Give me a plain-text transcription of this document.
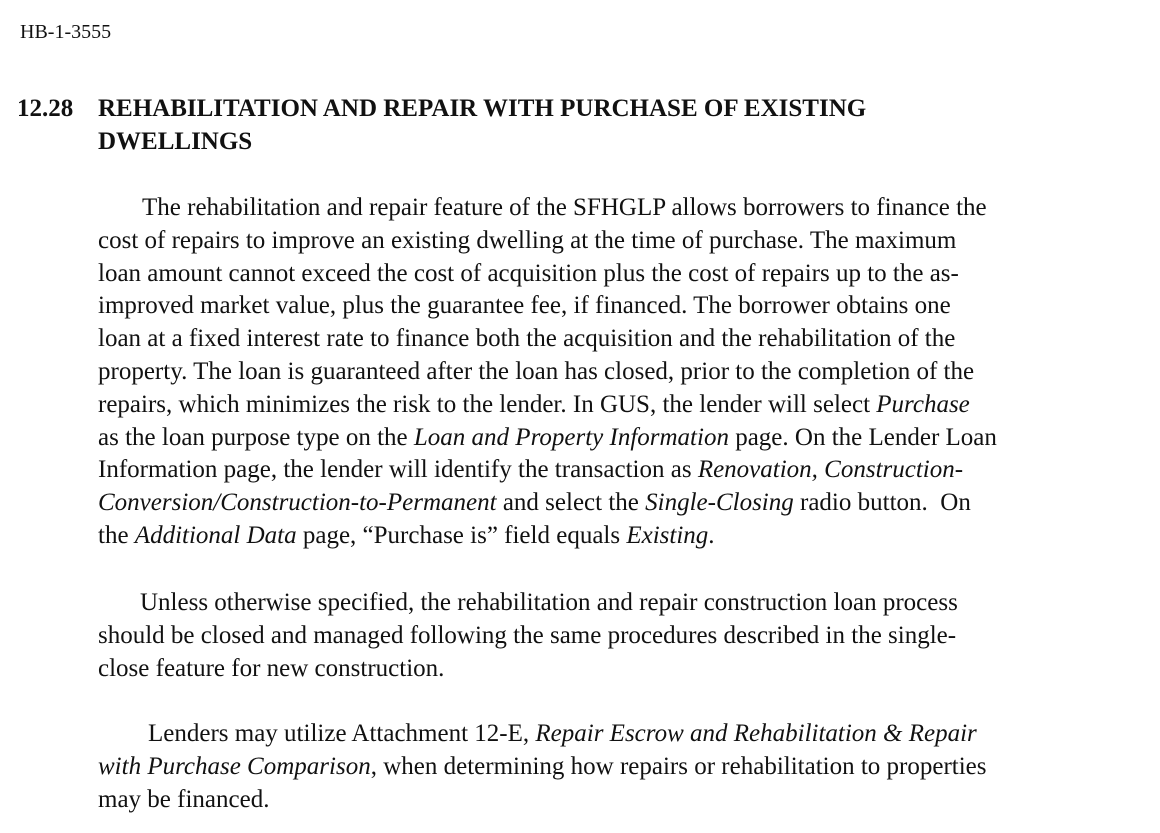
HB-1-3555
12.28 REHABILITATION AND REPAIR WITH PURCHASE OF EXISTING
DWELLINGS
The rehabilitation and repair feature of the SFHGLP allows borrowers to finance the
cost of repairs to improve an existing dwelling at the time of purchase. The maximum
loan amount cannot exceed the cost of acquisition plus the cost of repairs up to the as-
improved market value, plus the guarantee fee, if financed. The borrower obtains one
loan at a fixed interest rate to finance both the acquisition and the rehabilitation of the
property. The loan is guaranteed after the loan has closed, prior to the completion of the
repairs, which minimizes the risk to the lender. In GUS, the lender will select Purchase
as the loan purpose type on the Loan and Property Information page. On the Lender Loan
Information page, the lender will identify the transaction as Renovation, Construction-
Conversion/Construction-to-Permanent and select the Single-Closing radio button.  On
the Additional Data page, “Purchase is” field equals Existing.
Unless otherwise specified, the rehabilitation and repair construction loan process
should be closed and managed following the same procedures described in the single-
close feature for new construction.
Lenders may utilize Attachment 12-E, Repair Escrow and Rehabilitation & Repair
with Purchase Comparison, when determining how repairs or rehabilitation to properties
may be financed.
